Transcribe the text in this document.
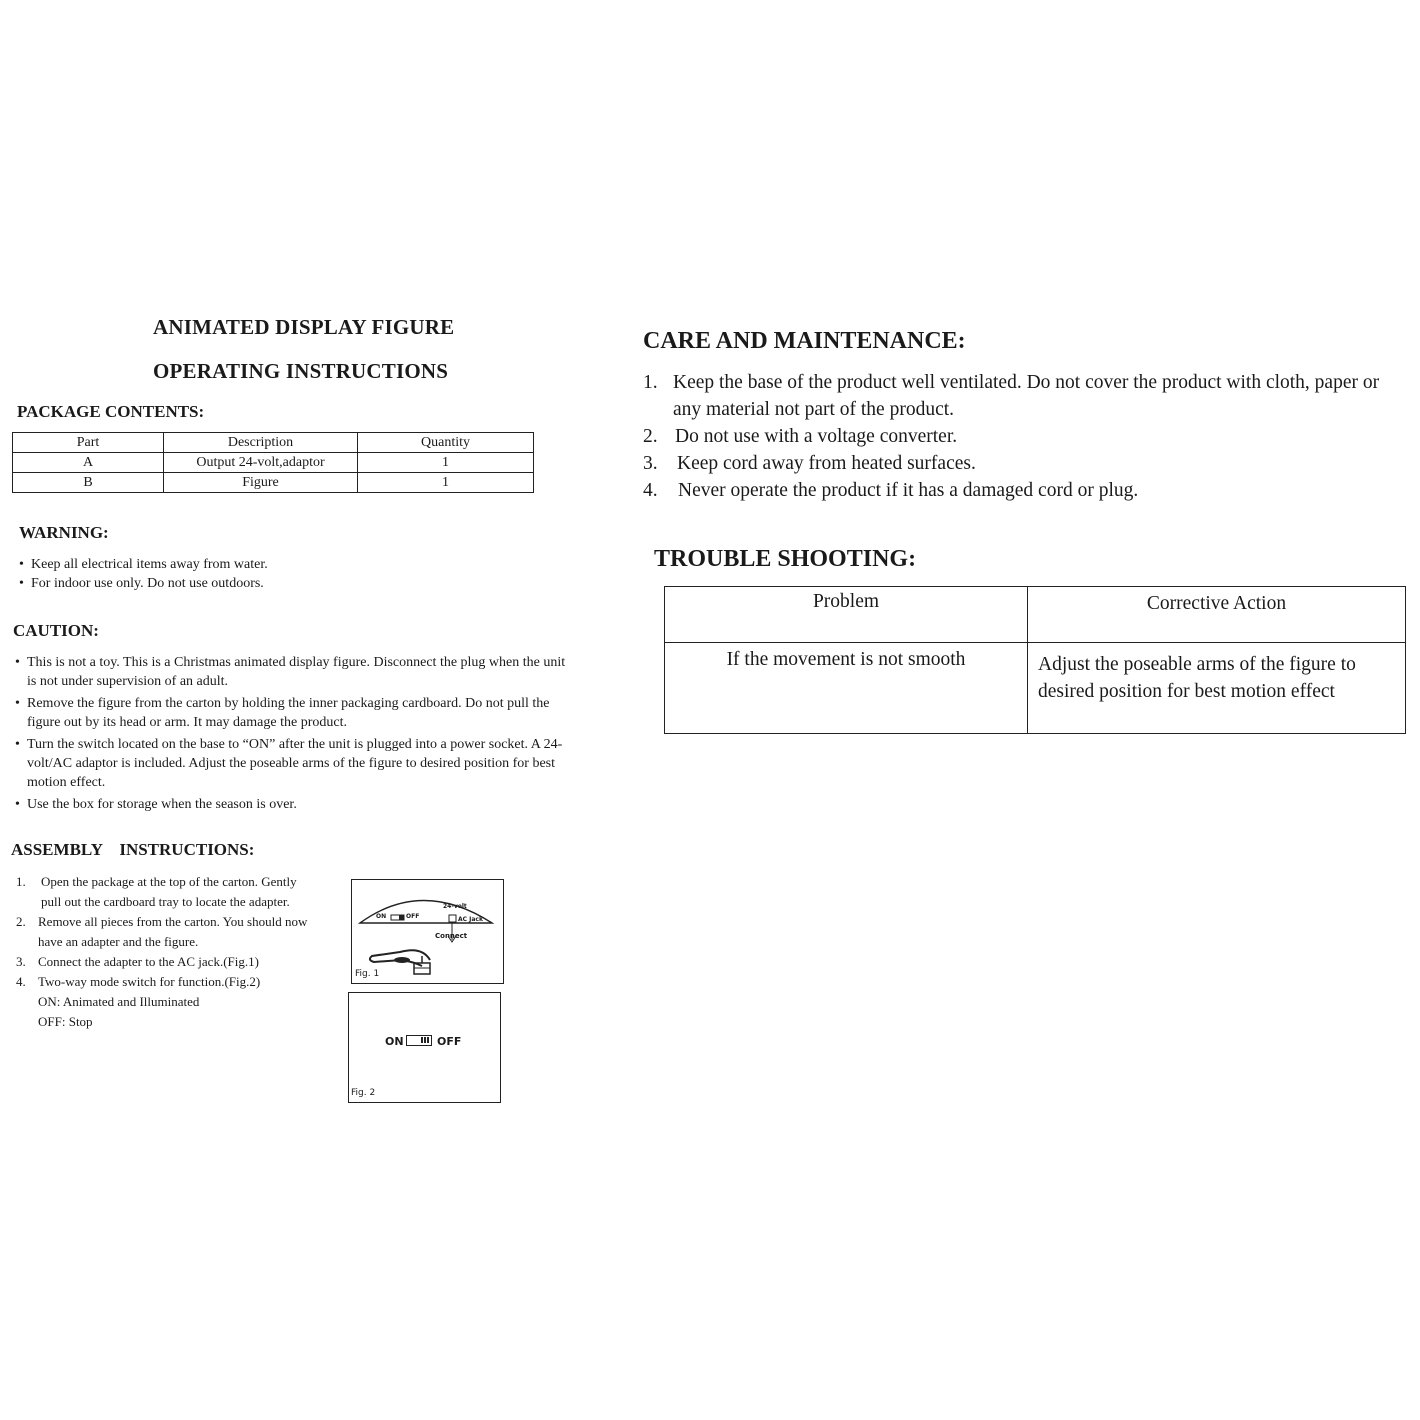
ANIMATED DISPLAY FIGURE
OPERATING INSTRUCTIONS
PACKAGE CONTENTS:
Part	Description	Quantity
A	Output 24-volt,adaptor	1
B	Figure	1
WARNING:
• Keep all electrical items away from water.
• For indoor use only. Do not use outdoors.
CAUTION:
• This is not a toy. This is a Christmas animated display figure. Disconnect the plug when the unit is not under supervision of an adult.
• Remove the figure from the carton by holding the inner packaging cardboard. Do not pull the figure out by its head or arm. It may damage the product.
• Turn the switch located on the base to “ON” after the unit is plugged into a power socket. A 24-volt/AC adaptor is included. Adjust the poseable arms of the figure to desired position for best motion effect.
• Use the box for storage when the season is over.
ASSEMBLY    INSTRUCTIONS:
1.	Open the package at the top of the carton. Gently pull out the cardboard tray to locate the adapter.
2. Remove all pieces from the carton. You should now have an adapter and the figure.
3. Connect the adapter to the AC jack.(Fig.1)
4. Two-way mode switch for function.(Fig.2)
ON: Animated and Illuminated
OFF: Stop
ON	OFF
24-volt
AC Jack
Connect
Fig. 1
ON	OFF
Fig. 2
CARE AND MAINTENANCE:
1. Keep the base of the product well ventilated. Do not cover the product with cloth, paper or any material not part of the product.
2. Do not use with a voltage converter.
3. Keep cord away from heated surfaces.
4.	Never operate the product if it has a damaged cord or plug.
TROUBLE SHOOTING:
Problem	Corrective Action
If the movement is not smooth	Adjust the poseable arms of the figure to desired position for best motion effect
